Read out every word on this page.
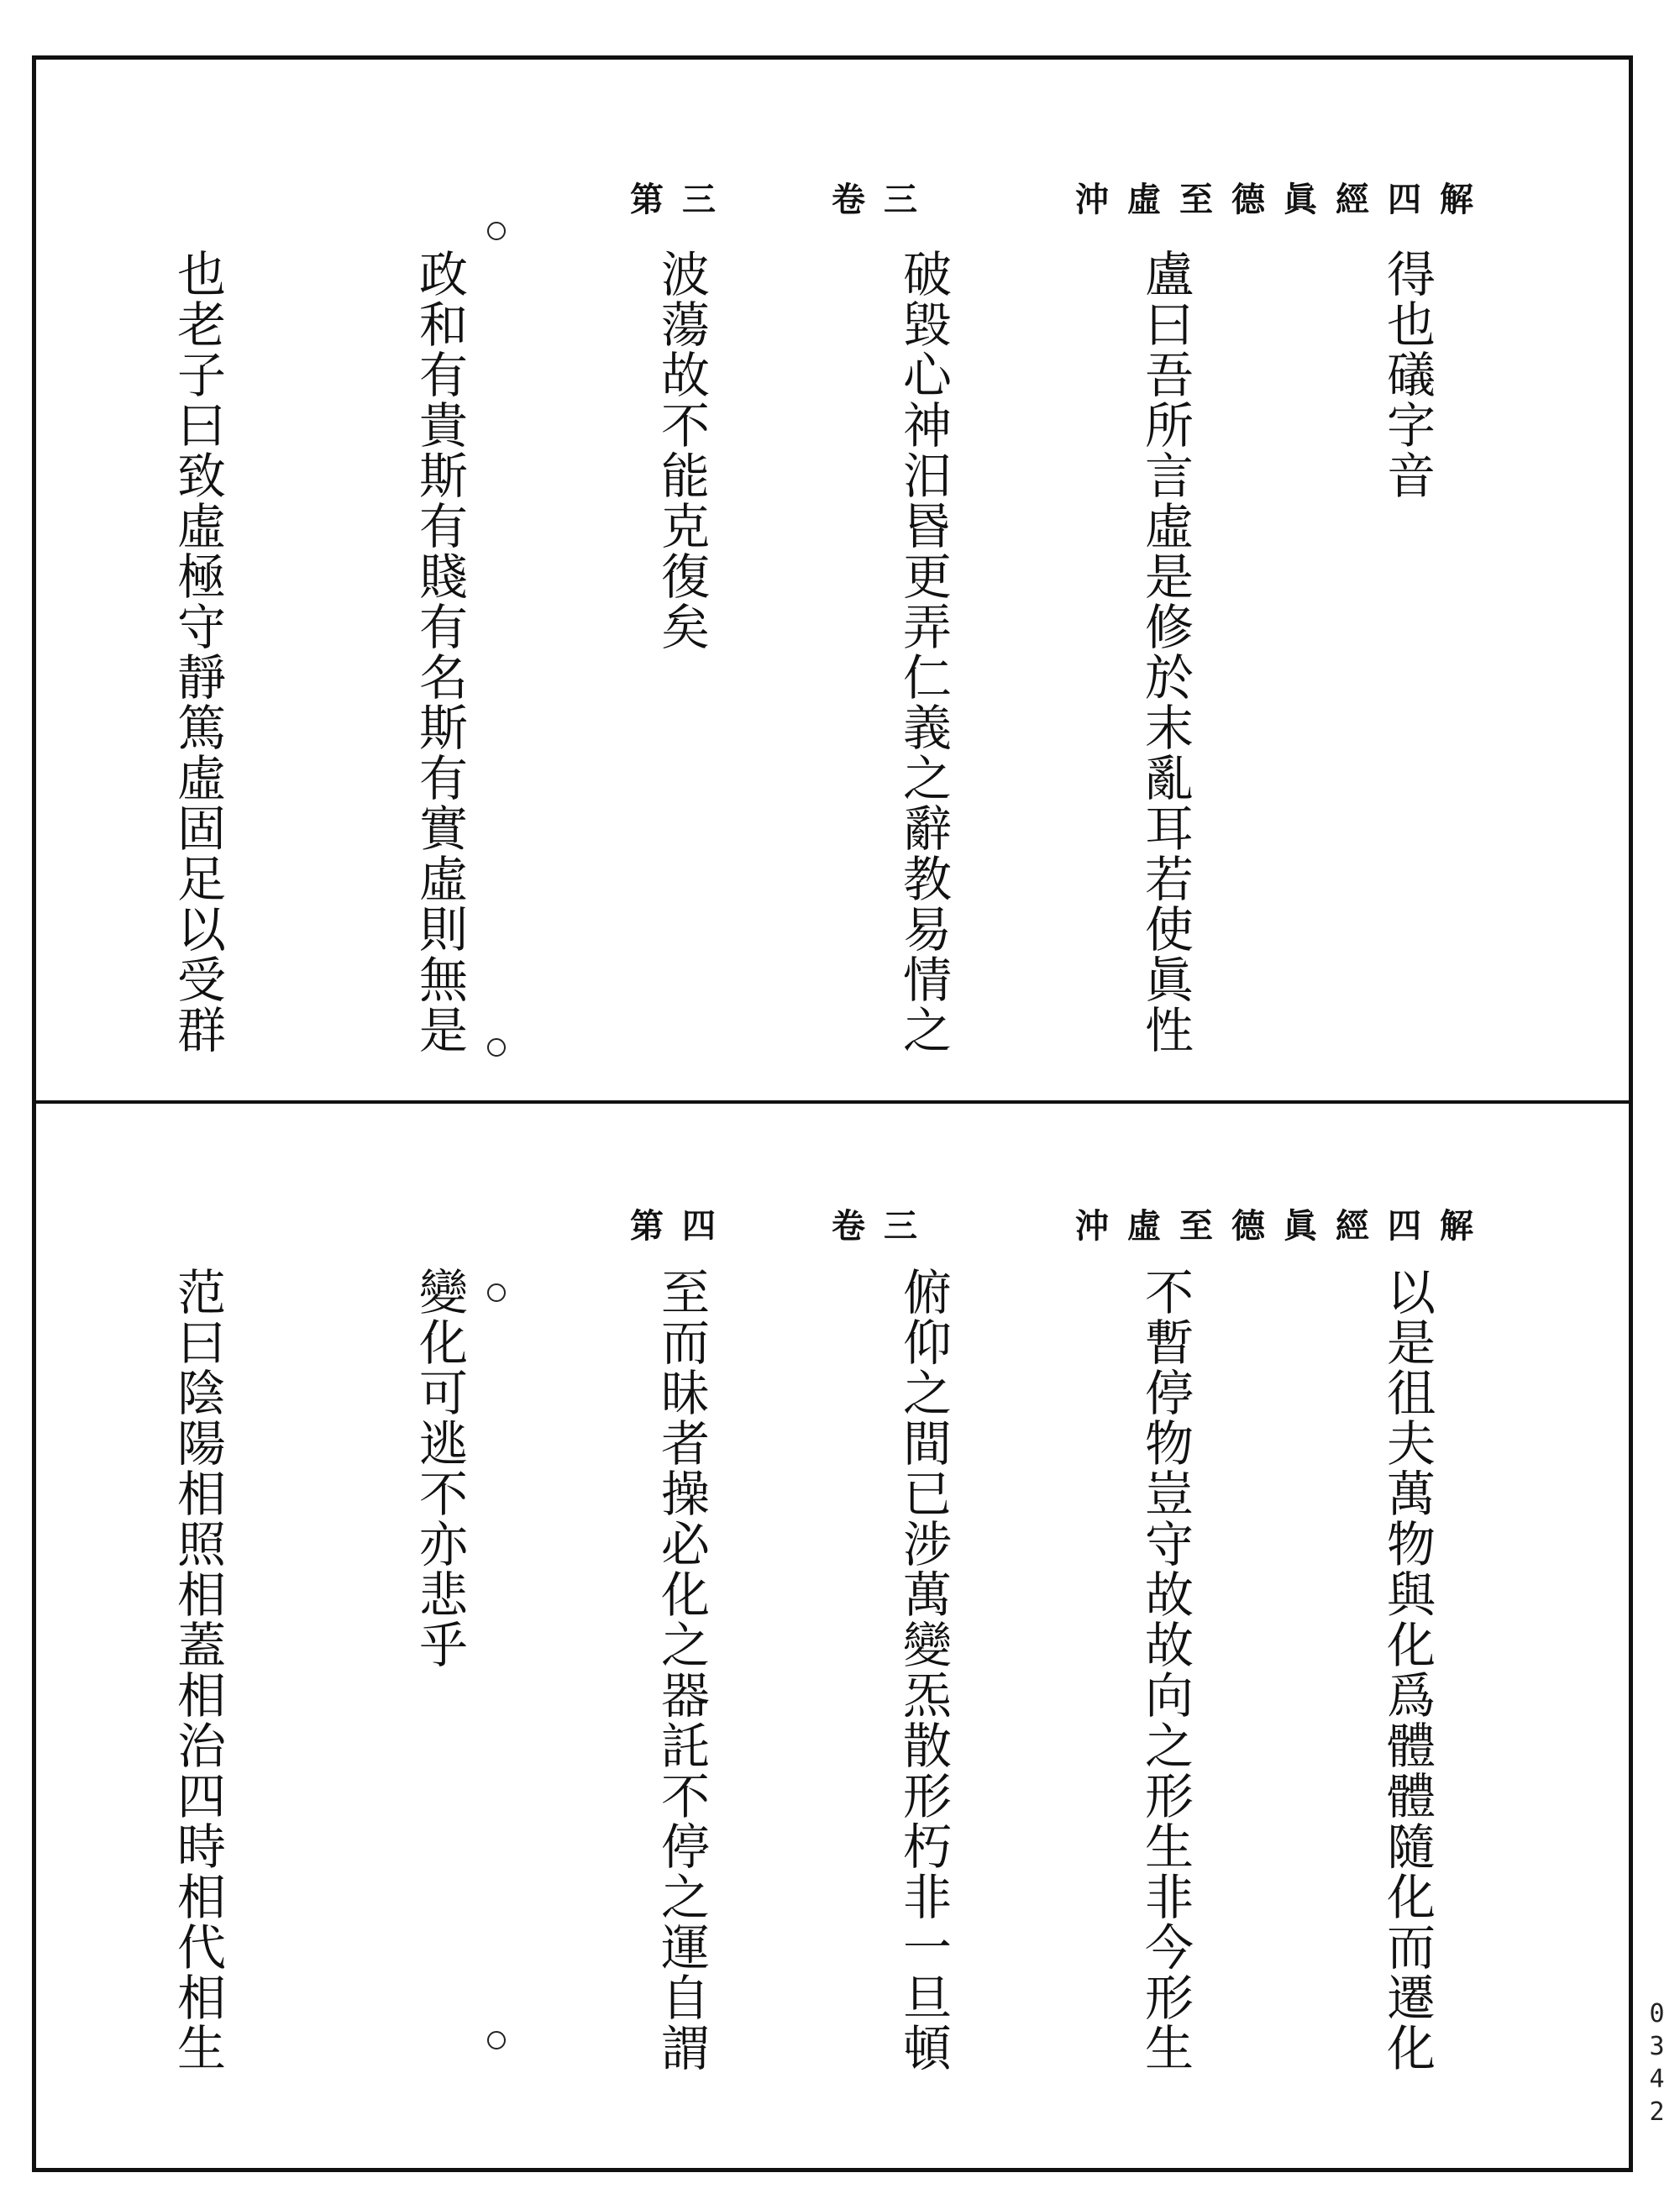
沖虛至德眞經四解
卷三
第三

得也礒字音

盧曰吾所言虛是修於末亂耳若使眞性

破毀心神汨昬更弄仁義之辭教易情之

波蕩故不能克復矣

政和有貴斯有賤有名斯有實虛則無是

也老子曰致虛極守靜篤虛固足以受群

沖虛至德眞經四解
卷三
第四

以是徂夫萬物與化爲體體隨化而遷化

不暫停物豈守故故向之形生非今形生

俯仰之間已涉萬變炁散形朽非一旦頓

至而昧者操必化之器託不停之運自謂

變化可逃不亦悲乎

范曰陰陽相照相蓋相治四時相代相生

	0342
